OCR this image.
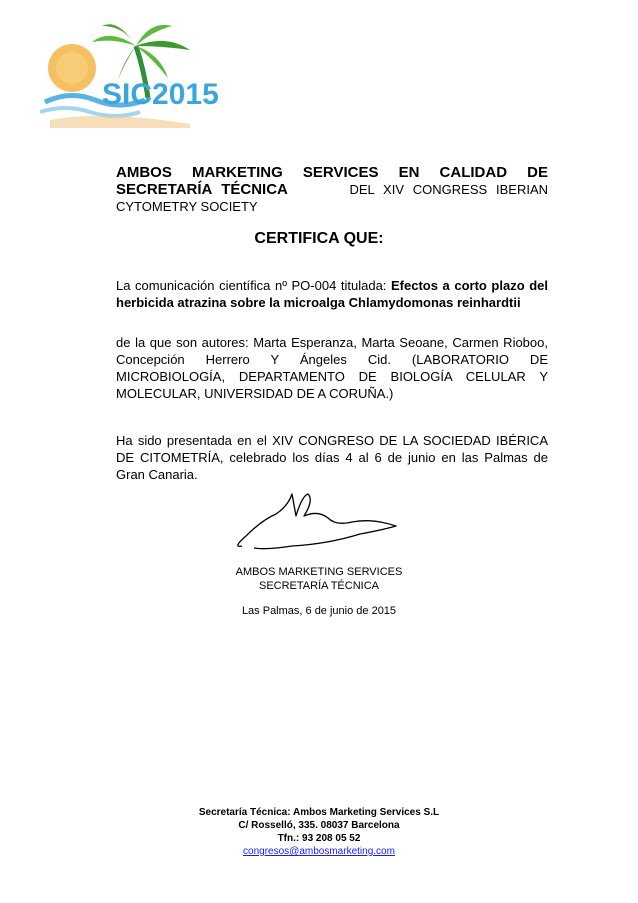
SIC2015
AMBOS MARKETING SERVICES EN CALIDAD DE
SECRETARÍA TÉCNICA	DEL XIV CONGRESS IBERIAN
CYTOMETRY SOCIETY
CERTIFICA QUE:
La comunicación científica nº PO-004 titulada: Efectos a corto plazo del herbicida atrazina sobre la microalga Chlamydomonas reinhardtii
de la que son autores: Marta Esperanza, Marta Seoane, Carmen Rioboo, Concepción Herrero Y Ángeles Cid. (LABORATORIO DE MICROBIOLOGÍA, DEPARTAMENTO DE BIOLOGÍA CELULAR Y MOLECULAR, UNIVERSIDAD DE A CORUÑA.)
Ha sido presentada en el XIV CONGRESO DE LA SOCIEDAD IBÉRICA DE CITOMETRÍA, celebrado los días 4 al 6 de junio en las Palmas de Gran Canaria.
AMBOS MARKETING SERVICES
SECRETARÍA TÉCNICA
Las Palmas, 6 de junio de 2015
Secretaría Técnica: Ambos Marketing Services S.L
C/ Rosselló, 335. 08037 Barcelona
Tfn.: 93 208 05 52
congresos@ambosmarketing.com
